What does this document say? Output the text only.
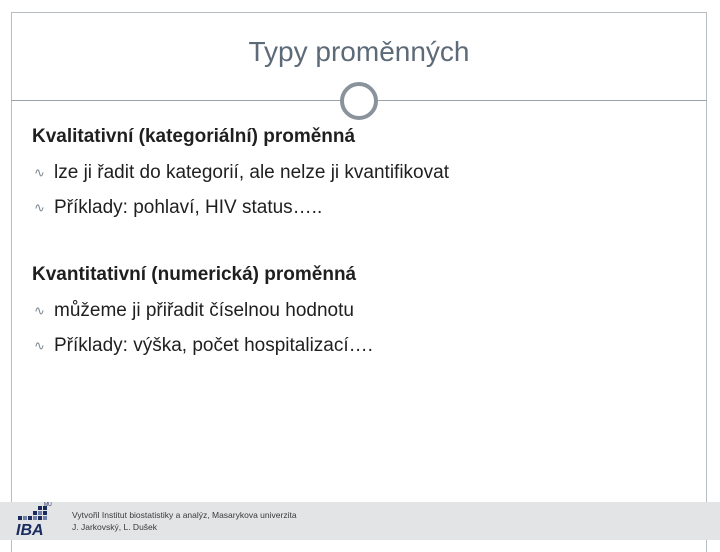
Typy proměnných
Kvalitativní (kategoriální) proměnná
∿ lze ji řadit do kategorií, ale nelze ji kvantifikovat
∿ Příklady: pohlaví, HIV status…..
Kvantitativní (numerická) proměnná
∿ můžeme ji přiřadit číselnou hodnotu
∿ Příklady: výška, počet hospitalizací….
MU
IBA
Vytvořil Institut biostatistiky a analýz, Masarykova univerzita
J. Jarkovský, L. Dušek
